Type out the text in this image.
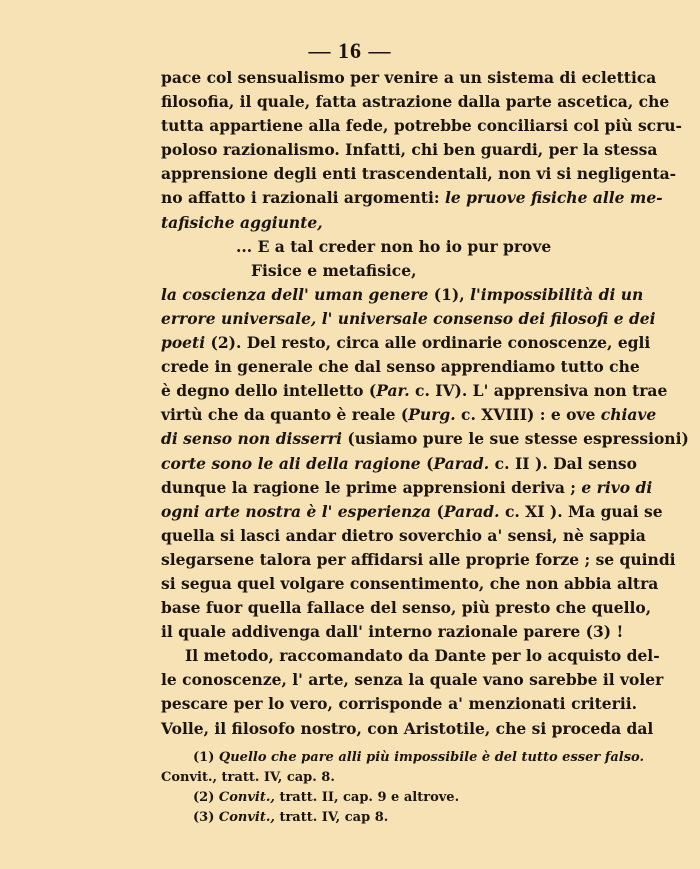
— 16 —
pace col sensualismo per venire a un sistema di eclettica
filosofia, il quale, fatta astrazione dalla parte ascetica, che
tutta appartiene alla fede, potrebbe conciliarsi col più scru-
poloso razionalismo. Infatti, chi ben guardi, per la stessa
apprensione degli enti trascendentali, non vi si negligenta-
no affatto i razionali argomenti: le pruove fisiche alle me-
tafisiche aggiunte,
... E a tal creder non ho io pur prove
Fisice e metafisice,
la coscienza dell' uman genere (1), l'impossibilità di un
errore universale, l' universale consenso dei filosofi e dei
poeti (2). Del resto, circa alle ordinarie conoscenze, egli
crede in generale che dal senso apprendiamo tutto che
è degno dello intelletto (Par. c. IV). L' apprensiva non trae
virtù che da quanto è reale (Purg. c. XVIII) : e ove chiave
di senso non disserri (usiamo pure le sue stesse espressioni)
corte sono le ali della ragione (Parad. c. II ). Dal senso
dunque la ragione le prime apprensioni deriva ; e rivo di
ogni arte nostra è l' esperienza (Parad. c. XI ). Ma guai se
quella si lasci andar dietro soverchio a' sensi, nè sappia
slegarsene talora per affidarsi alle proprie forze ; se quindi
si segua quel volgare consentimento, che non abbia altra
base fuor quella fallace del senso, più presto che quello,
il quale addivenga dall' interno razionale parere (3) !
Il metodo, raccomandato da Dante per lo acquisto del-
le conoscenze, l' arte, senza la quale vano sarebbe il voler
pescare per lo vero, corrisponde a' menzionati criterii.
Volle, il filosofo nostro, con Aristotile, che si proceda dal
(1) Quello che pare alli più impossibile è del tutto esser falso.
Convit., tratt. IV, cap. 8.
(2) Convit., tratt. II, cap. 9 e altrove.
(3) Convit., tratt. IV, cap 8.
